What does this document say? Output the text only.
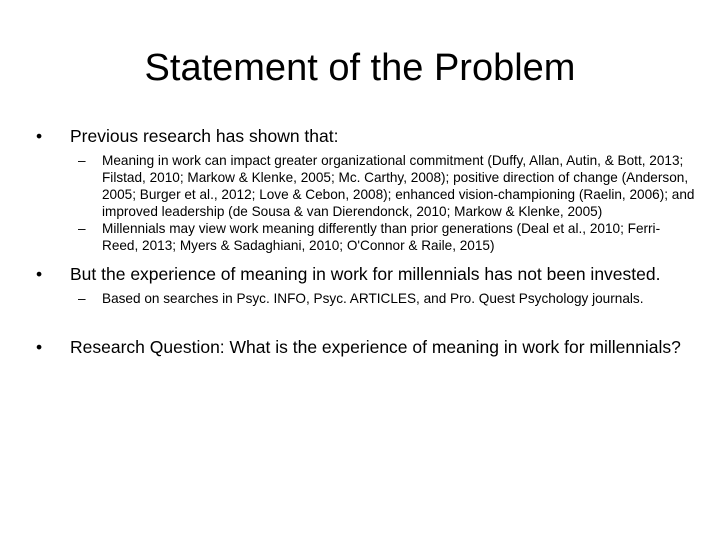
Statement of the Problem
•	Previous research has shown that:
– Meaning in work can impact greater organizational commitment (Duffy, Allan, Autin, & Bott, 2013; Filstad, 2010; Markow & Klenke, 2005; Mc. Carthy, 2008); positive direction of change (Anderson, 2005; Burger et al., 2012; Love & Cebon, 2008); enhanced vision-championing (Raelin, 2006); and improved leadership (de Sousa & van Dierendonck, 2010; Markow & Klenke, 2005)
– Millennials may view work meaning differently than prior generations (Deal et al., 2010; Ferri-Reed, 2013; Myers & Sadaghiani, 2010; O'Connor & Raile, 2015)
•	But the experience of meaning in work for millennials has not been invested.
– Based on searches in Psyc. INFO, Psyc. ARTICLES, and Pro. Quest Psychology journals.
•	Research Question: What is the experience of meaning in work for millennials?
